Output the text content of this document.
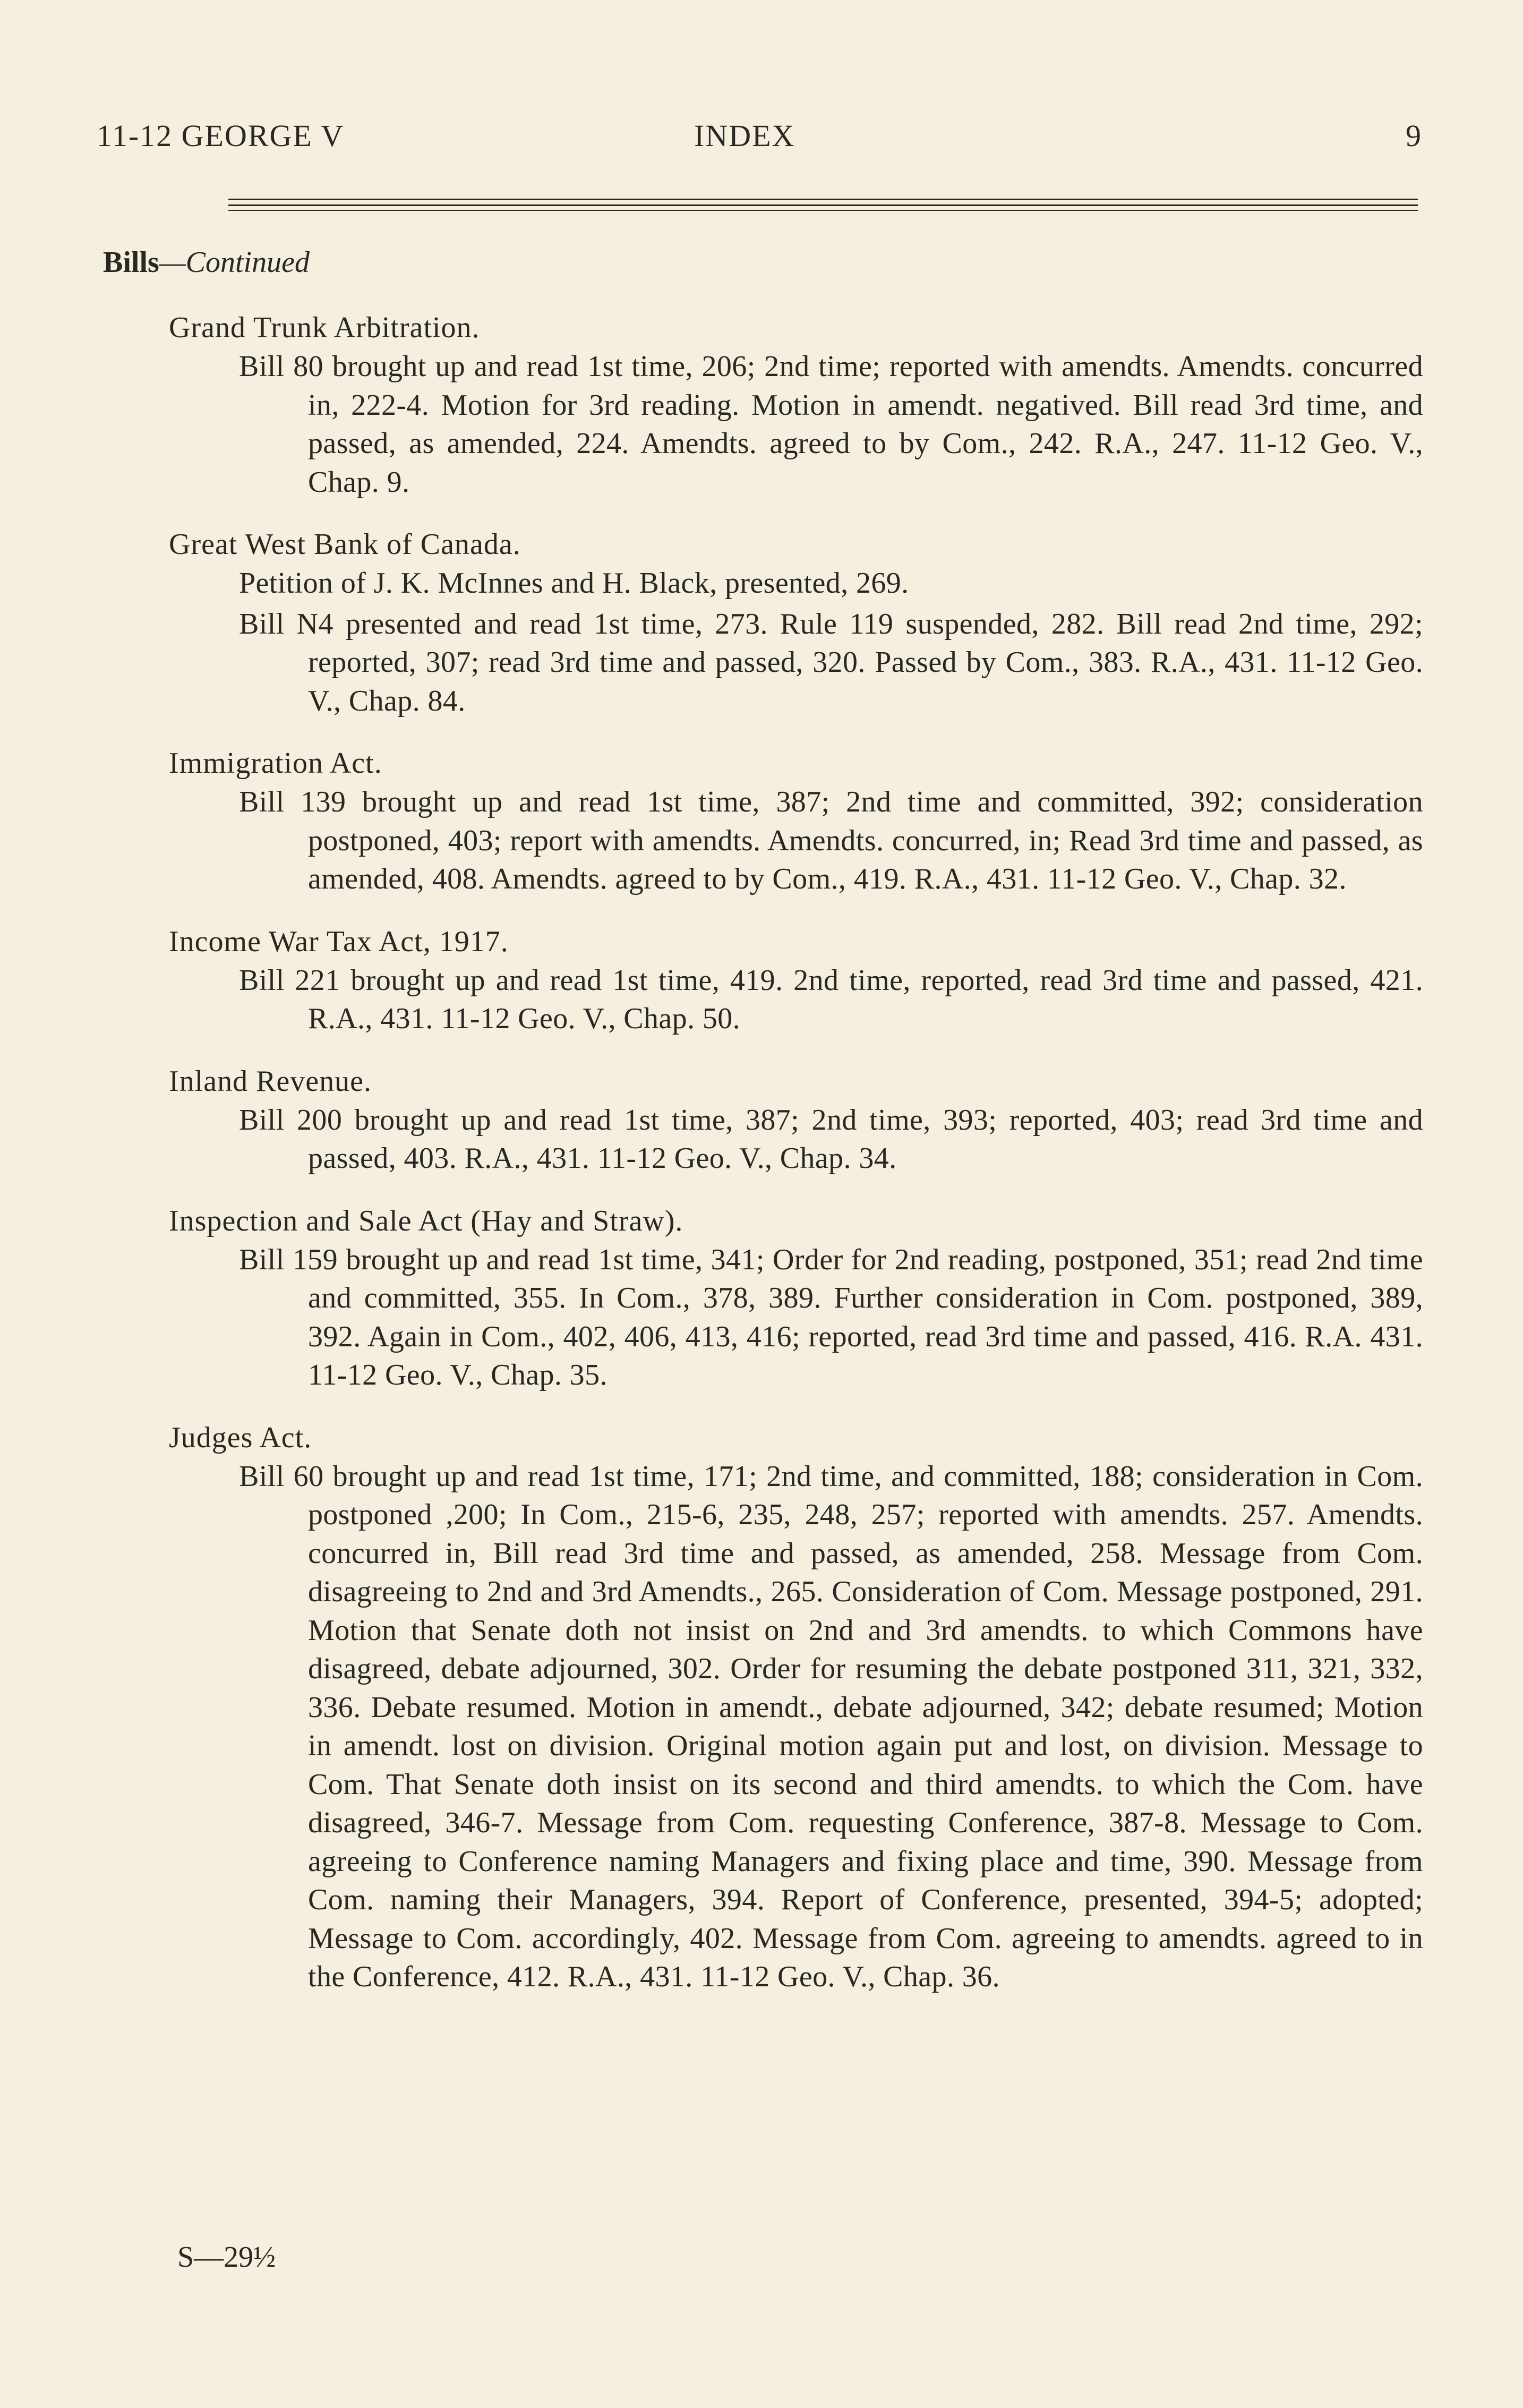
11-12 GEORGE V	INDEX	9
Bills—Continued
Grand Trunk Arbitration.
Bill 80 brought up and read 1st time, 206; 2nd time; reported with amendts. Amendts. concurred in, 222-4. Motion for 3rd reading. Motion in amendt. negatived. Bill read 3rd time, and passed, as amended, 224. Amendts. agreed to by Com., 242. R.A., 247. 11-12 Geo. V., Chap. 9.
Great West Bank of Canada.
Petition of J. K. McInnes and H. Black, presented, 269.
Bill N4 presented and read 1st time, 273. Rule 119 suspended, 282. Bill read 2nd time, 292; reported, 307; read 3rd time and passed, 320. Passed by Com., 383. R.A., 431. 11-12 Geo. V., Chap. 84.
Immigration Act.
Bill 139 brought up and read 1st time, 387; 2nd time and committed, 392; consideration postponed, 403; report with amendts. Amendts. concurred, in; Read 3rd time and passed, as amended, 408. Amendts. agreed to by Com., 419. R.A., 431. 11-12 Geo. V., Chap. 32.
Income War Tax Act, 1917.
Bill 221 brought up and read 1st time, 419. 2nd time, reported, read 3rd time and passed, 421. R.A., 431. 11-12 Geo. V., Chap. 50.
Inland Revenue.
Bill 200 brought up and read 1st time, 387; 2nd time, 393; reported, 403; read 3rd time and passed, 403. R.A., 431. 11-12 Geo. V., Chap. 34.
Inspection and Sale Act (Hay and Straw).
Bill 159 brought up and read 1st time, 341; Order for 2nd reading, postponed, 351; read 2nd time and committed, 355. In Com., 378, 389. Further consideration in Com. postponed, 389, 392. Again in Com., 402, 406, 413, 416; reported, read 3rd time and passed, 416. R.A. 431. 11-12 Geo. V., Chap. 35.
Judges Act.
Bill 60 brought up and read 1st time, 171; 2nd time, and committed, 188; consideration in Com. postponed ,200; In Com., 215-6, 235, 248, 257; reported with amendts. 257. Amendts. concurred in, Bill read 3rd time and passed, as amended, 258. Message from Com. disagreeing to 2nd and 3rd Amendts., 265. Consideration of Com. Message postponed, 291. Motion that Senate doth not insist on 2nd and 3rd amendts. to which Commons have disagreed, debate adjourned, 302. Order for resuming the debate postponed 311, 321, 332, 336. Debate resumed. Motion in amendt., debate adjourned, 342; debate resumed; Motion in amendt. lost on division. Original motion again put and lost, on division. Message to Com. That Senate doth insist on its second and third amendts. to which the Com. have disagreed, 346-7. Message from Com. requesting Conference, 387-8. Message to Com. agreeing to Conference naming Managers and fixing place and time, 390. Message from Com. naming their Managers, 394. Report of Conference, presented, 394-5; adopted; Message to Com. accordingly, 402. Message from Com. agreeing to amendts. agreed to in the Conference, 412. R.A., 431. 11-12 Geo. V., Chap. 36.
S—29½
